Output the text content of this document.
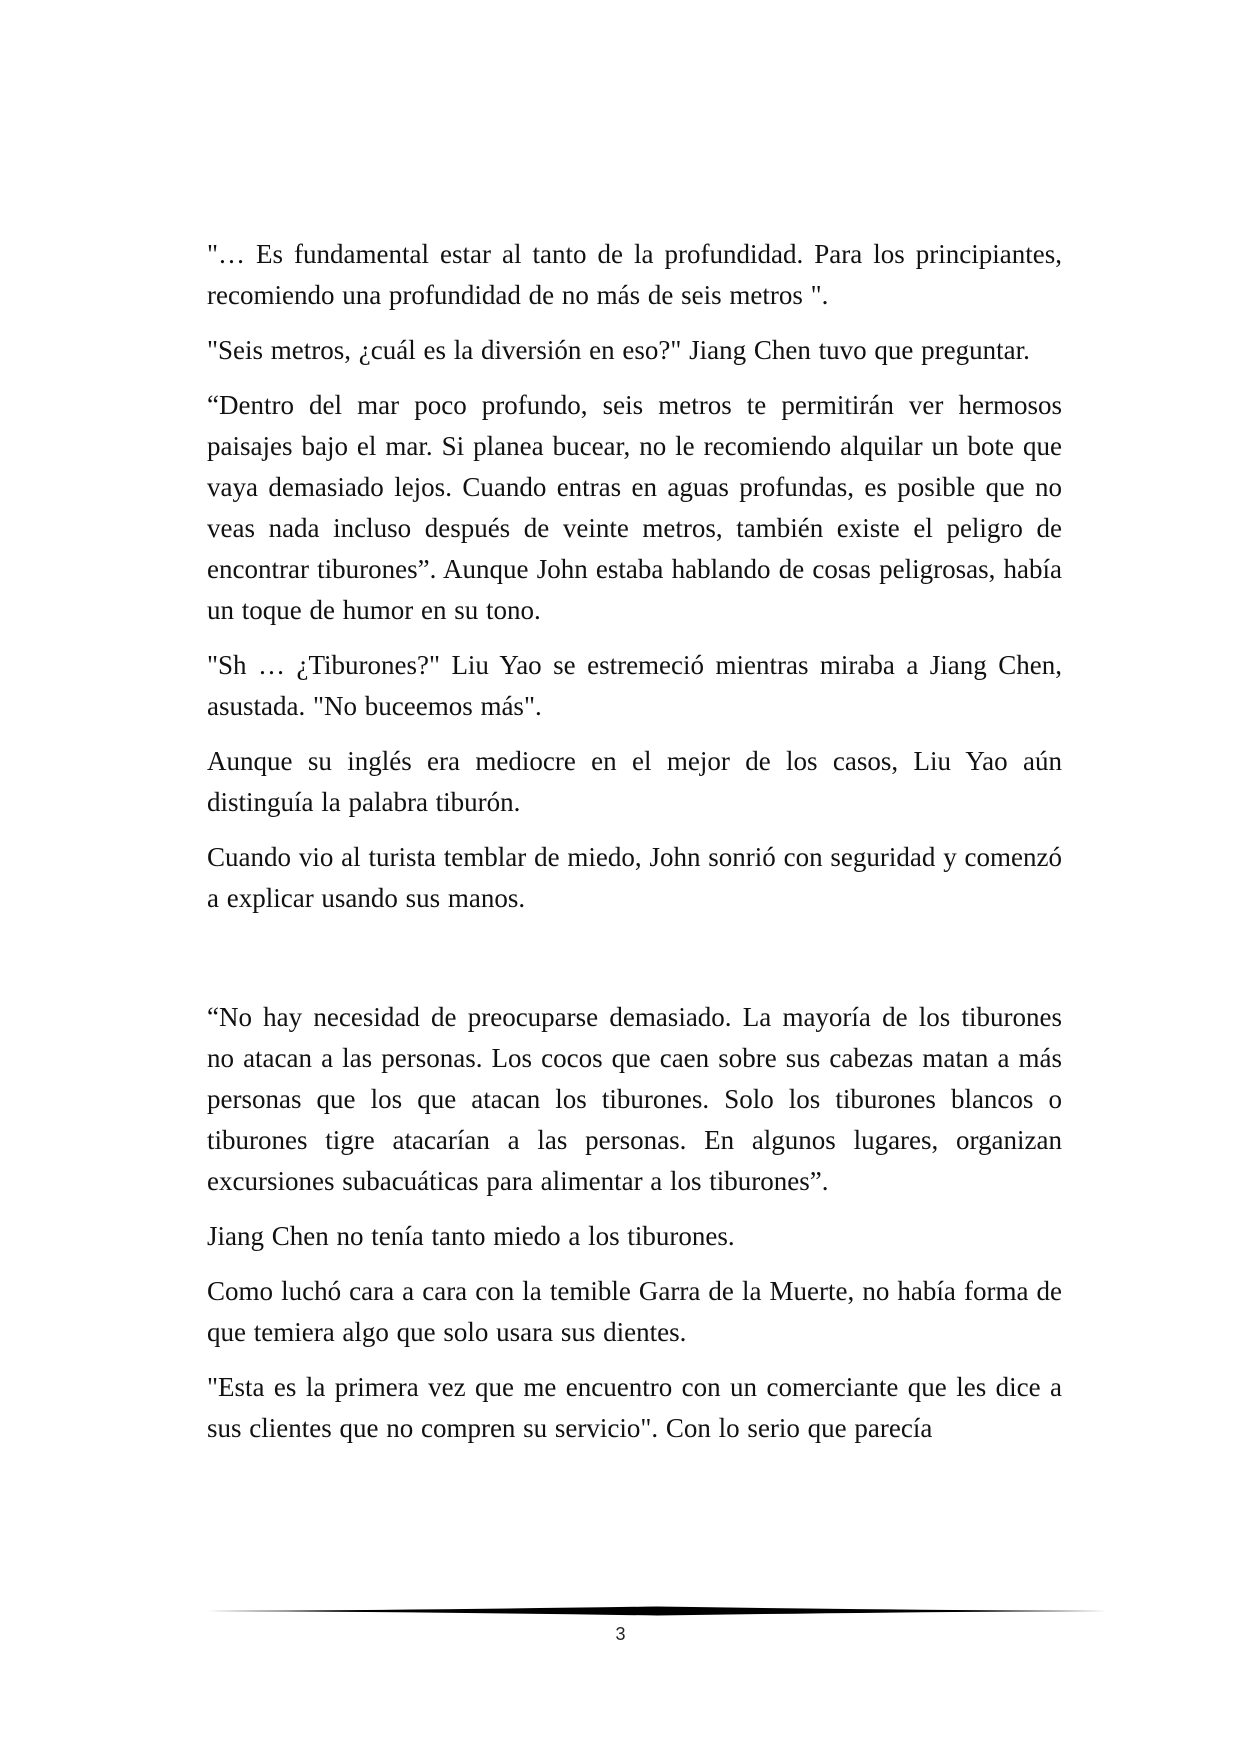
"… Es fundamental estar al tanto de la profundidad. Para los principiantes, recomiendo una profundidad de no más de seis metros ".

"Seis metros, ¿cuál es la diversión en eso?" Jiang Chen tuvo que preguntar.

“Dentro del mar poco profundo, seis metros te permitirán ver hermosos paisajes bajo el mar. Si planea bucear, no le recomiendo alquilar un bote que vaya demasiado lejos. Cuando entras en aguas profundas, es posible que no veas nada incluso después de veinte metros, también existe el peligro de encontrar tiburones”. Aunque John estaba hablando de cosas peligrosas, había un toque de humor en su tono.

"Sh … ¿Tiburones?" Liu Yao se estremeció mientras miraba a Jiang Chen, asustada. "No buceemos más".

Aunque su inglés era mediocre en el mejor de los casos, Liu Yao aún distinguía la palabra tiburón.

Cuando vio al turista temblar de miedo, John sonrió con seguridad y comenzó a explicar usando sus manos.

“No hay necesidad de preocuparse demasiado. La mayoría de los tiburones no atacan a las personas. Los cocos que caen sobre sus cabezas matan a más personas que los que atacan los tiburones. Solo los tiburones blancos o tiburones tigre atacarían a las personas. En algunos lugares, organizan excursiones subacuáticas para alimentar a los tiburones”.

Jiang Chen no tenía tanto miedo a los tiburones.

Como luchó cara a cara con la temible Garra de la Muerte, no había forma de que temiera algo que solo usara sus dientes.

"Esta es la primera vez que me encuentro con un comerciante que les dice a sus clientes que no compren su servicio". Con lo serio que parecía

3
